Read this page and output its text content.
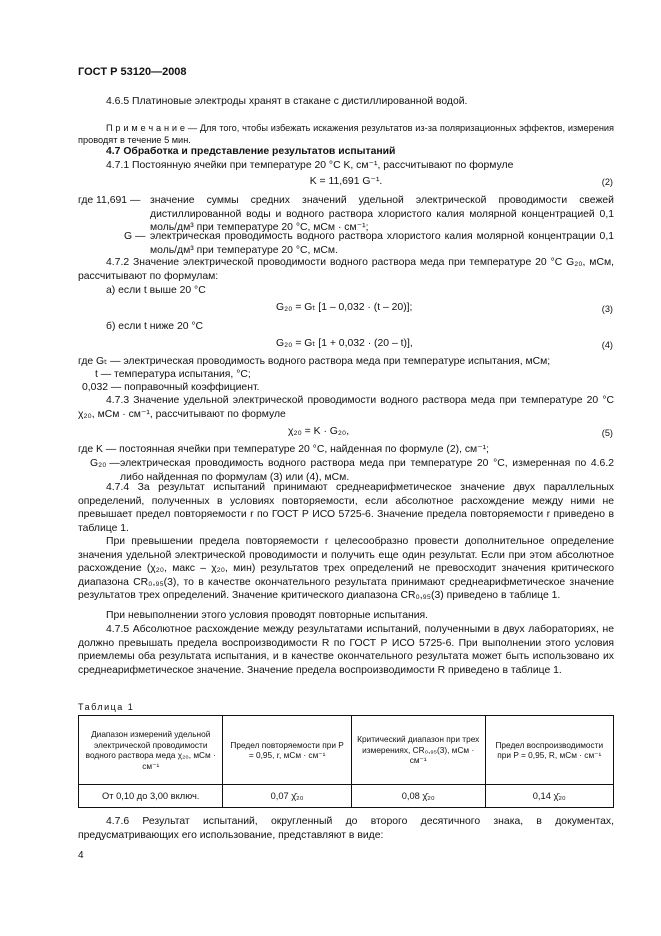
ГОСТ Р 53120—2008
4.6.5 Платиновые электроды хранят в стакане с дистиллированной водой.
П р и м е ч а н и е — Для того, чтобы избежать искажения результатов из-за поляризационных эффектов, измерения проводят в течение 5 мин.
4.7 Обработка и представление результатов испытаний
4.7.1 Постоянную ячейки при температуре 20 °С K, см⁻¹, рассчитывают по формуле
K = 11,691 G⁻¹.	(2)
где 11,691 — значение суммы средних значений удельной электрической проводимости свежей дистиллированной воды и водного раствора хлористого калия молярной концентрацией 0,1 моль/дм³ при температуре 20 °С, мСм · см⁻¹;
G — электрическая проводимость водного раствора хлористого калия молярной концентрации 0,1 моль/дм³ при температуре 20 °С, мСм.
4.7.2 Значение электрической проводимости водного раствора меда при температуре 20 °С G₂₀, мСм, рассчитывают по формулам:
а) если t выше 20 °С
G₂₀ = Gₜ [1 – 0,032 · (t – 20)];	(3)
б) если t ниже 20 °С
G₂₀ = Gₜ [1 + 0,032 · (20 – t)],	(4)
где Gₜ — электрическая проводимость водного раствора меда при температуре испытания, мСм;
t — температура испытания, °С;
0,032 — поправочный коэффициент.
4.7.3 Значение удельной электрической проводимости водного раствора меда при температуре 20 °С χ₂₀, мСм · см⁻¹, рассчитывают по формуле
χ₂₀ = K · G₂₀,	(5)
где K — постоянная ячейки при температуре 20 °С, найденная по формуле (2), см⁻¹;
G₂₀ — электрическая проводимость водного раствора меда при температуре 20 °С, измеренная по 4.6.2 либо найденная по формулам (3) или (4), мСм.
4.7.4 За результат испытаний принимают среднеарифметическое значение двух параллельных определений, полученных в условиях повторяемости, если абсолютное расхождение между ними не превышает предел повторяемости r по ГОСТ Р ИСО 5725-6. Значение предела повторяемости r приведено в таблице 1.
При превышении предела повторяемости r целесообразно провести дополнительное определение значения удельной электрической проводимости и получить еще один результат. Если при этом абсолютное расхождение (χ₂₀, макс – χ₂₀, мин) результатов трех определений не превосходит значения критического диапазона CR₀,₉₅(3), то в качестве окончательного результата принимают среднеарифметическое значение результатов трех определений. Значение критического диапазона CR₀,₉₅(3) приведено в таблице 1.
При невыполнении этого условия проводят повторные испытания.
4.7.5 Абсолютное расхождение между результатами испытаний, полученными в двух лабораториях, не должно превышать предела воспроизводимости R по ГОСТ Р ИСО 5725-6. При выполнении этого условия приемлемы оба результата испытания, и в качестве окончательного результата может быть использовано их среднеарифметическое значение. Значение предела воспроизводимости R приведено в таблице 1.
Таблица 1
Диапазон измерений удельной электрической проводимости водного раствора меда χ₂₀, мСм · см⁻¹	Предел повторяемости при P = 0,95, r, мСм · см⁻¹	Критический диапазон при трех измерениях, CR₀,₉₅(3), мСм · см⁻¹	Предел воспроизводимости при P = 0,95, R, мСм · см⁻¹
От 0,10 до 3,00 включ.	0,07 χ̄₂₀	0,08 χ̄₂₀	0,14 χ̄₂₀
4.7.6 Результат испытаний, округленный до второго десятичного знака, в документах, предусматривающих его использование, представляют в виде:
4
